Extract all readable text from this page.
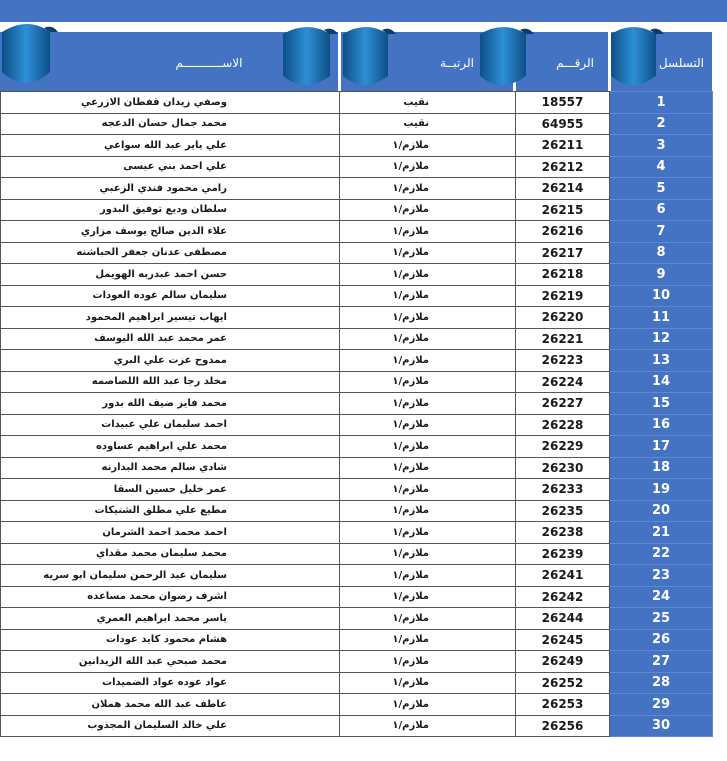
الاســـــــــــم	الرتبــة	الرقـــم	التسلسل
وصفي زيدان قفطان الازرعي	نقيب	18557	1	
محمد جمال حسان الدعجه	نقيب	64955	2	
علي ياير عبد الله سواعي	ملازم/١	26211	3	
علي احمد بني عيسى	ملازم/١	26212	4	
رامي محمود فندي الزعبي	ملازم/١	26214	5	
سلطان وديع توفيق البدور	ملازم/١	26215	6	
علاء الدين صالح يوسف مزاري	ملازم/١	26216	7	
مصطفى عدنان جعفر الحباشنه	ملازم/١	26217	8	
حسن احمد عبدربه الهويمل	ملازم/١	26218	9	
سليمان سالم عوده العودات	ملازم/١	26219	10	
ايهاب تيسير ابراهيم المحمود	ملازم/١	26220	11	
عمر محمد عبد الله اليوسف	ملازم/١	26221	12	
ممدوح عزت علي البري	ملازم/١	26223	13	
مخلد رجا عبد الله اللصاصمه	ملازم/١	26224	14	
محمد فايز ضيف الله بدور	ملازم/١	26227	15	
احمد سليمان علي عبيدات	ملازم/١	26228	16	
محمد علي ابراهيم عساوده	ملازم/١	26229	17	
شادي سالم محمد البدارنه	ملازم/١	26230	18	
عمر خليل حسين السقا	ملازم/١	26233	19	
مطيع علي مطلق الشنيكات	ملازم/١	26235	20	
احمد محمد احمد الشرمان	ملازم/١	26238	21	
محمد سليمان محمد مقداي	ملازم/١	26239	22	
سليمان عبد الرحمن سليمان ابو سريه	ملازم/١	26241	23	
اشرف رضوان محمد مساعده	ملازم/١	26242	24	
ياسر محمد ابراهيم العمري	ملازم/١	26244	25	
هشام محمود كايد عودات	ملازم/١	26245	26	
محمد صبحي عبد الله الزيدانين	ملازم/١	26249	27	
عواد عوده عواد الضميدات	ملازم/١	26252	28	
عاطف عبد الله محمد هملان	ملازم/١	26253	29	
علي خالد السليمان المجذوب	ملازم/١	26256	30	
